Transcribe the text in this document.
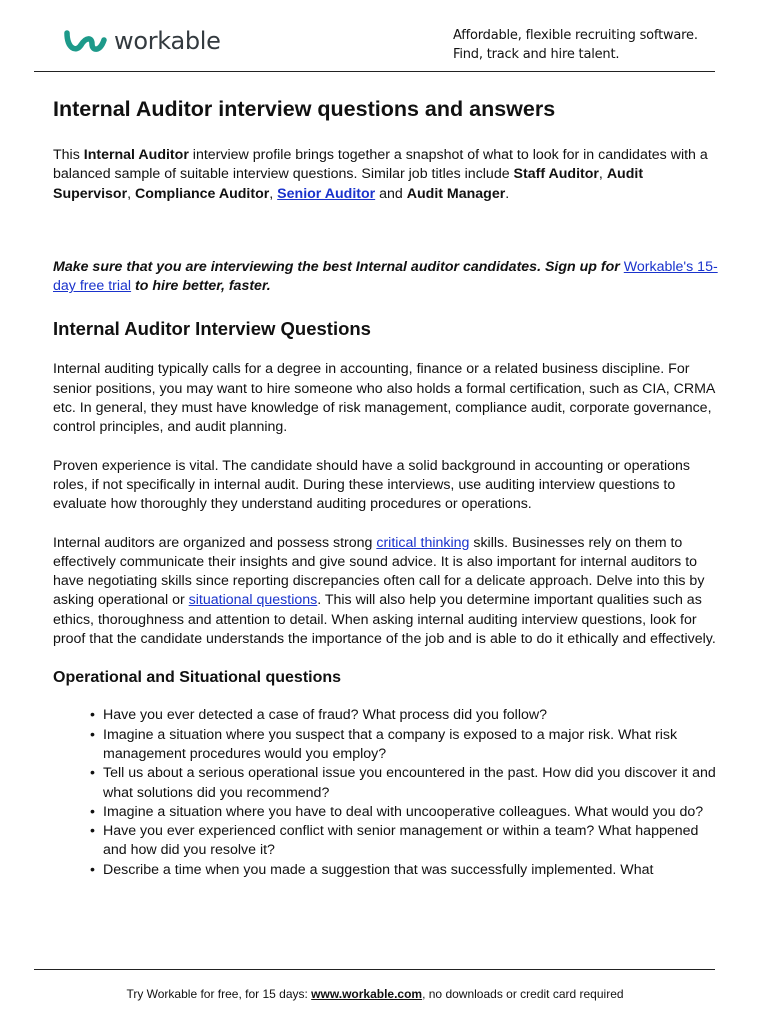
workable	Affordable, flexible recruiting software.
Find, track and hire talent.
Internal Auditor interview questions and answers

This Internal Auditor interview profile brings together a snapshot of what to look for in candidates with a balanced sample of suitable interview questions. Similar job titles include Staff Auditor, Audit Supervisor, Compliance Auditor, Senior Auditor and Audit Manager.

Make sure that you are interviewing the best Internal auditor candidates. Sign up for Workable's 15-day free trial to hire better, faster.

Internal Auditor Interview Questions

Internal auditing typically calls for a degree in accounting, finance or a related business discipline. For senior positions, you may want to hire someone who also holds a formal certification, such as CIA, CRMA etc. In general, they must have knowledge of risk management, compliance audit, corporate governance, control principles, and audit planning.

Proven experience is vital. The candidate should have a solid background in accounting or operations roles, if not specifically in internal audit. During these interviews, use auditing interview questions to evaluate how thoroughly they understand auditing procedures or operations.

Internal auditors are organized and possess strong critical thinking skills. Businesses rely on them to effectively communicate their insights and give sound advice. It is also important for internal auditors to have negotiating skills since reporting discrepancies often call for a delicate approach. Delve into this by asking operational or situational questions. This will also help you determine important qualities such as ethics, thoroughness and attention to detail. When asking internal auditing interview questions, look for proof that the candidate understands the importance of the job and is able to do it ethically and effectively.

Operational and Situational questions
• Have you ever detected a case of fraud? What process did you follow?
• Imagine a situation where you suspect that a company is exposed to a major risk. What risk management procedures would you employ?
• Tell us about a serious operational issue you encountered in the past. How did you discover it and what solutions did you recommend?
• Imagine a situation where you have to deal with uncooperative colleagues. What would you do?
• Have you ever experienced conflict with senior management or within a team? What happened and how did you resolve it?
• Describe a time when you made a suggestion that was successfully implemented. What
Try Workable for free, for 15 days: www.workable.com, no downloads or credit card required
